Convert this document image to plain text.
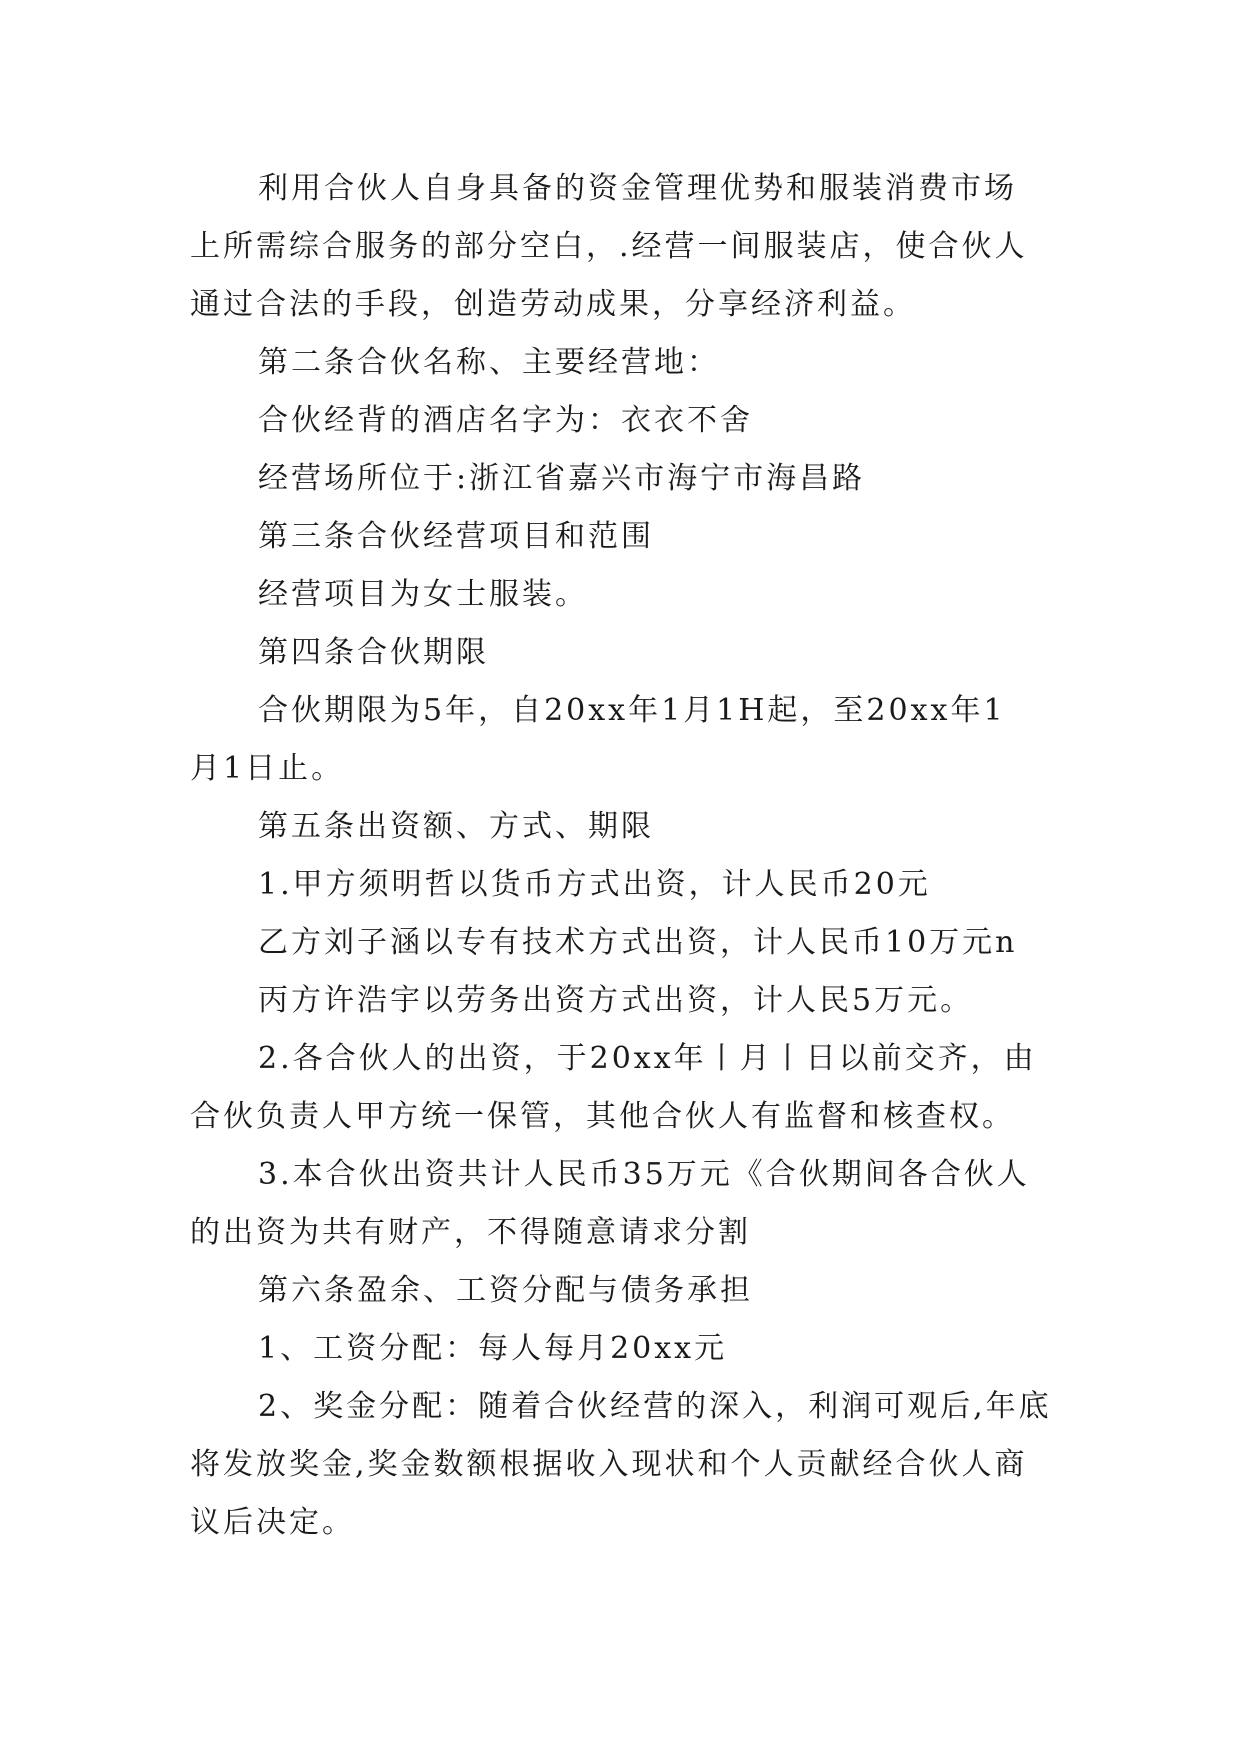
利用合伙人自身具备的资金管理优势和服装消费市场
上所需综合服务的部分空白，.经营一间服装店，使合伙人
通过合法的手段，创造劳动成果，分享经济利益。
第二条合伙名称、主要经营地：
合伙经背的酒店名字为：衣衣不舍
经营场所位于:浙江省嘉兴市海宁市海昌路
第三条合伙经营项目和范围
经营项目为女士服装。
第四条合伙期限
合伙期限为5年，自20xx年1月1H起，至20xx年1
月1日止。
第五条出资额、方式、期限
1.甲方须明哲以货币方式出资，计人民币20元
乙方刘子涵以专有技术方式出资，计人民币10万元n
丙方许浩宇以劳务出资方式出资，计人民5万元。
2.各合伙人的出资，于20xx年丨月丨日以前交齐，由
合伙负责人甲方统一保管，其他合伙人有监督和核查权。
3.本合伙出资共计人民币35万元《合伙期间各合伙人
的出资为共有财产，不得随意请求分割
第六条盈余、工资分配与债务承担
1、工资分配：每人每月20xx元
2、奖金分配：随着合伙经营的深入，利润可观后,年底
将发放奖金,奖金数额根据收入现状和个人贡献经合伙人商
议后决定。
